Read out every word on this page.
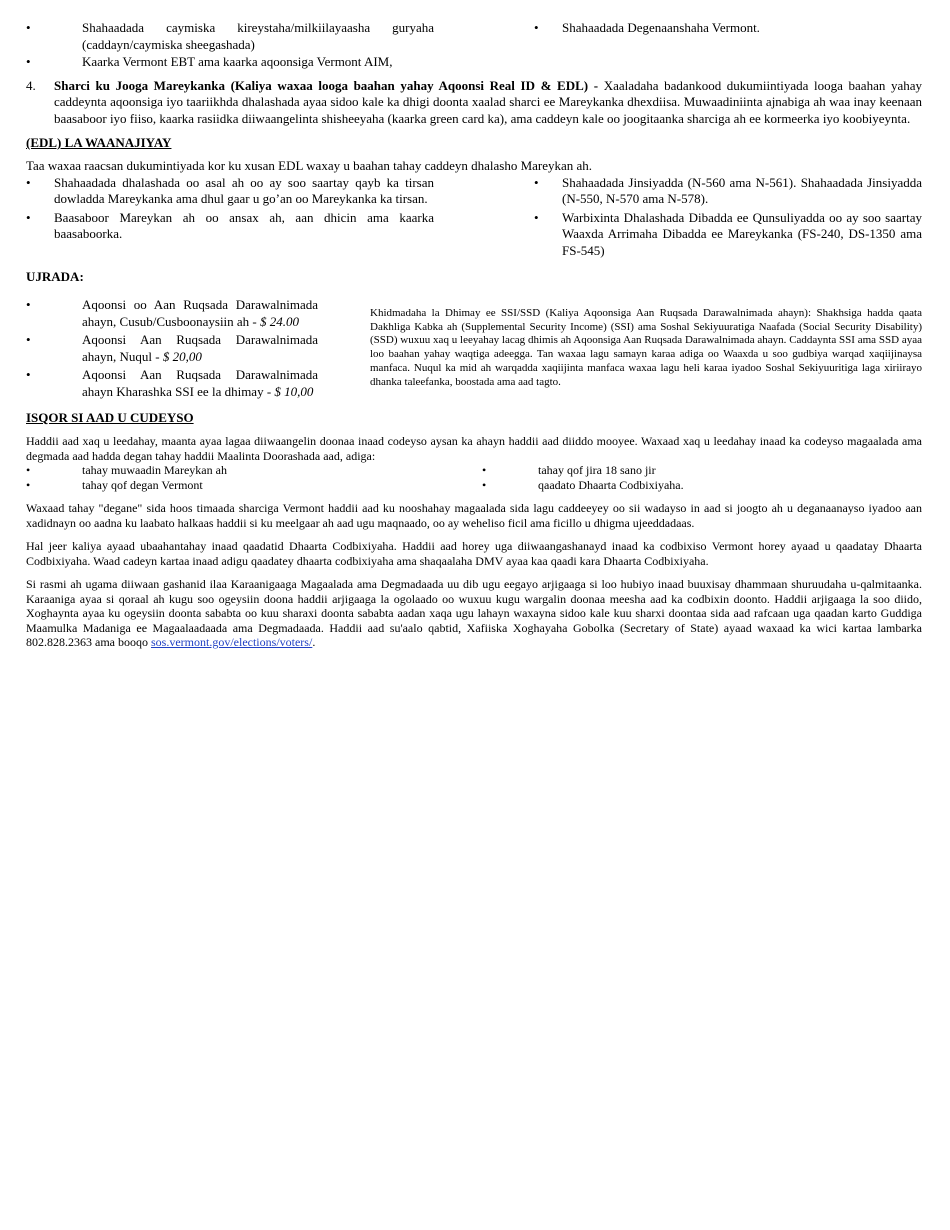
•	Shahaadada caymiska kireystaha/milkiilayaasha guryaha (caddayn/caymiska sheegashada)
•	Kaarka Vermont EBT ama kaarka aqoonsiga Vermont AIM,
• Shahaadada Degenaanshaha Vermont.
4. Sharci ku Jooga Mareykanka (Kaliya waxaa looga baahan yahay Aqoonsi Real ID & EDL) - Xaaladaha badankood dukumiintiyada looga baahan yahay caddeynta aqoonsiga iyo taariikhda dhalashada ayaa sidoo kale ka dhigi doonta xaalad sharci ee Mareykanka dhexdiisa. Muwaadiniinta ajnabiga ah waa inay keenaan baasaboor iyo fiiso, kaarka rasiidka diiwaangelinta shisheeyaha (kaarka green card ka), ama caddeyn kale oo joogitaanka sharciga ah ee kormeerka iyo koobiyeynta.

(EDL) LA WAANAJIYAY

Taa waxaa raacsan dukumintiyada kor ku xusan EDL waxay u baahan tahay caddeyn dhalasho Mareykan ah.

• Shahaadada dhalashada oo asal ah oo ay soo saartay qayb ka tirsan dowladda Mareykanka ama dhul gaar u go’an oo Mareykanka ka tirsan.
• Baasaboor Mareykan ah oo ansax ah, aan dhicin ama kaarka baasaboorka.
• Shahaadada Jinsiyadda (N-560 ama N-561). Shahaadada Jinsiyadda (N-550, N-570 ama N-578).
• Warbixinta Dhalashada Dibadda ee Qunsuliyadda oo ay soo saartay Waaxda Arrimaha Dibadda ee Mareykanka (FS-240, DS-1350 ama FS-545)
UJRADA:
•	Aqoonsi oo Aan Ruqsada Darawalnimada ahayn, Cusub/Cusboonaysiin ah - $ 24.00
•	Aqoonsi Aan Ruqsada Darawalnimada ahayn, Nuqul - $ 20,00
•	Aqoonsi Aan Ruqsada Darawalnimada ahayn Kharashka SSI ee la dhimay - $ 10,00

Khidmadaha la Dhimay ee SSI/SSD (Kaliya Aqoonsiga Aan Ruqsada Darawalnimada ahayn): Shakhsiga hadda qaata Dakhliga Kabka ah (Supplemental Security Income) (SSI) ama Soshal Sekiyuuratiga Naafada (Social Security Disability) (SSD) wuxuu xaq u leeyahay lacag dhimis ah Aqoonsiga Aan Ruqsada Darawalnimada ahayn. Caddaynta SSI ama SSD ayaa loo baahan yahay waqtiga adeegga. Tan waxaa lagu samayn karaa adiga oo Waaxda u soo gudbiya warqad xaqiijinaysa manfaca. Nuqul ka mid ah warqadda xaqiijinta manfaca waxaa lagu heli karaa iyadoo Soshal Sekiyuuritiga laga xiriirayo dhanka taleefanka, boostada ama aad tagto.

ISQOR SI AAD U CUDEYSO

Haddii aad xaq u leedahay, maanta ayaa lagaa diiwaangelin doonaa inaad codeyso aysan ka ahayn haddii aad diiddo mooyee. Waxaad xaq u leedahay inaad ka codeyso magaalada ama degmada aad hadda degan tahay haddii Maalinta Doorashada aad, adiga:

•	tahay muwaadin Mareykan ah
•	tahay qof degan Vermont
•	tahay qof jira 18 sano jir
•	qaadato Dhaarta Codbixiyaha.

Waxaad tahay "degane" sida hoos timaada sharciga Vermont haddii aad ku nooshahay magaalada sida lagu caddeeyey oo sii wadayso in aad si joogto ah u deganaanayso iyadoo aan xadidnayn oo aadna ku laabato halkaas haddii si ku meelgaar ah aad ugu maqnaado, oo ay weheliso ficil ama ficillo u dhigma ujeeddadaas.

Hal jeer kaliya ayaad ubaahantahay inaad qaadatid Dhaarta Codbixiyaha. Haddii aad horey uga diiwaangashanayd inaad ka codbixiso Vermont horey ayaad u qaadatay Dhaarta Codbixiyaha. Waad cadeyn kartaa inaad adigu qaadatey dhaarta codbixiyaha ama shaqaalaha DMV ayaa kaa qaadi kara Dhaarta Codbixiyaha.

Si rasmi ah ugama diiwaan gashanid ilaa Karaanigaaga Magaalada ama Degmadaada uu dib ugu eegayo arjigaaga si loo hubiyo inaad buuxisay dhammaan shuruudaha u-qalmitaanka. Karaaniga ayaa si qoraal ah kugu soo ogeysiin doona haddii arjigaaga la ogolaado oo wuxuu kugu wargalin doonaa meesha aad ka codbixin doonto. Haddii arjigaaga la soo diido, Xoghaynta ayaa ku ogeysiin doonta sababta oo kuu sharaxi doonta sababta aadan xaqa ugu lahayn waxayna sidoo kale kuu sharxi doontaa sida aad rafcaan uga qaadan karto Guddiga Maamulka Madaniga ee Magaalaadaada ama Degmadaada. Haddii aad su'aalo qabtid, Xafiiska Xoghayaha Gobolka (Secretary of State) ayaad waxaad ka wici kartaa lambarka 802.828.2363 ama booqo sos.vermont.gov/elections/voters/.
